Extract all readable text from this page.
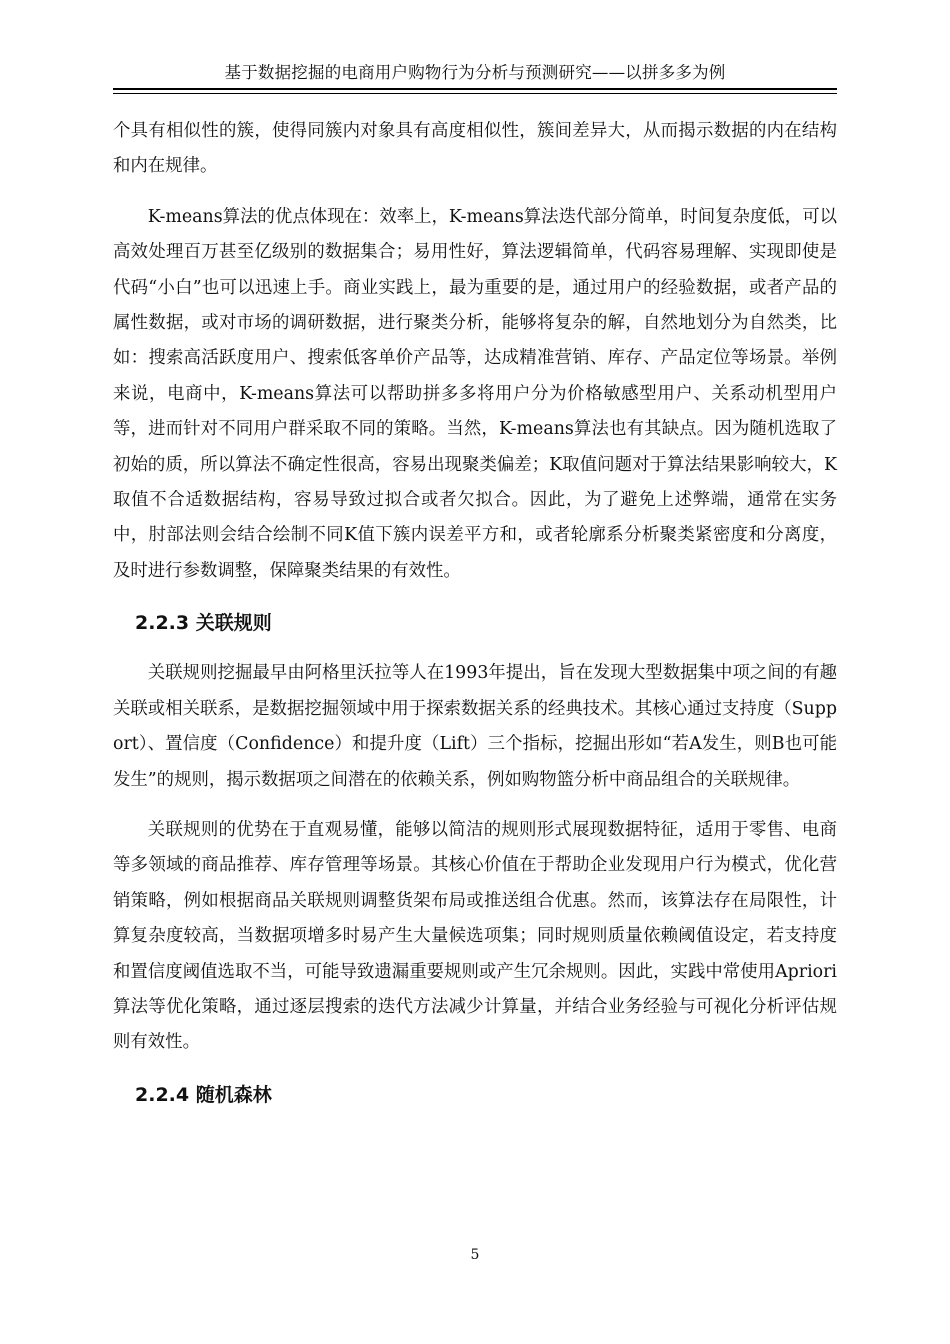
基于数据挖掘的电商用户购物行为分析与预测研究——以拼多多为例

个具有相似性的簇，使得同簇内对象具有高度相似性，簇间差异大，从而揭示数据的内在结构和内在规律。

K-means算法的优点体现在：效率上，K-means算法迭代部分简单，时间复杂度低，可以高效处理百万甚至亿级别的数据集合；易用性好，算法逻辑简单，代码容易理解、实现即使是代码“小白”也可以迅速上手。商业实践上，最为重要的是，通过用户的经验数据，或者产品的属性数据，或对市场的调研数据，进行聚类分析，能够将复杂的解，自然地划分为自然类，比如：搜索高活跃度用户、搜索低客单价产品等，达成精准营销、库存、产品定位等场景。举例来说，电商中，K-means算法可以帮助拼多多将用户分为价格敏感型用户、关系动机型用户等，进而针对不同用户群采取不同的策略。当然，K-means算法也有其缺点。因为随机选取了初始的质，所以算法不确定性很高，容易出现聚类偏差；K取值问题对于算法结果影响较大，K取值不合适数据结构，容易导致过拟合或者欠拟合。因此，为了避免上述弊端，通常在实务中，肘部法则会结合绘制不同K值下簇内误差平方和，或者轮廓系分析聚类紧密度和分离度，及时进行参数调整，保障聚类结果的有效性。

2.2.3 关联规则

关联规则挖掘最早由阿格里沃拉等人在1993年提出，旨在发现大型数据集中项之间的有趣关联或相关联系，是数据挖掘领域中用于探索数据关系的经典技术。其核心通过支持度（Support）、置信度（Confidence）和提升度（Lift）三个指标，挖掘出形如“若A发生，则B也可能发生”的规则，揭示数据项之间潜在的依赖关系，例如购物篮分析中商品组合的关联规律。

关联规则的优势在于直观易懂，能够以简洁的规则形式展现数据特征，适用于零售、电商等多领域的商品推荐、库存管理等场景。其核心价值在于帮助企业发现用户行为模式，优化营销策略，例如根据商品关联规则调整货架布局或推送组合优惠。然而，该算法存在局限性，计算复杂度较高，当数据项增多时易产生大量候选项集；同时规则质量依赖阈值设定，若支持度和置信度阈值选取不当，可能导致遗漏重要规则或产生冗余规则。因此，实践中常使用Apriori算法等优化策略，通过逐层搜索的迭代方法减少计算量，并结合业务经验与可视化分析评估规则有效性。

2.2.4 随机森林
5
